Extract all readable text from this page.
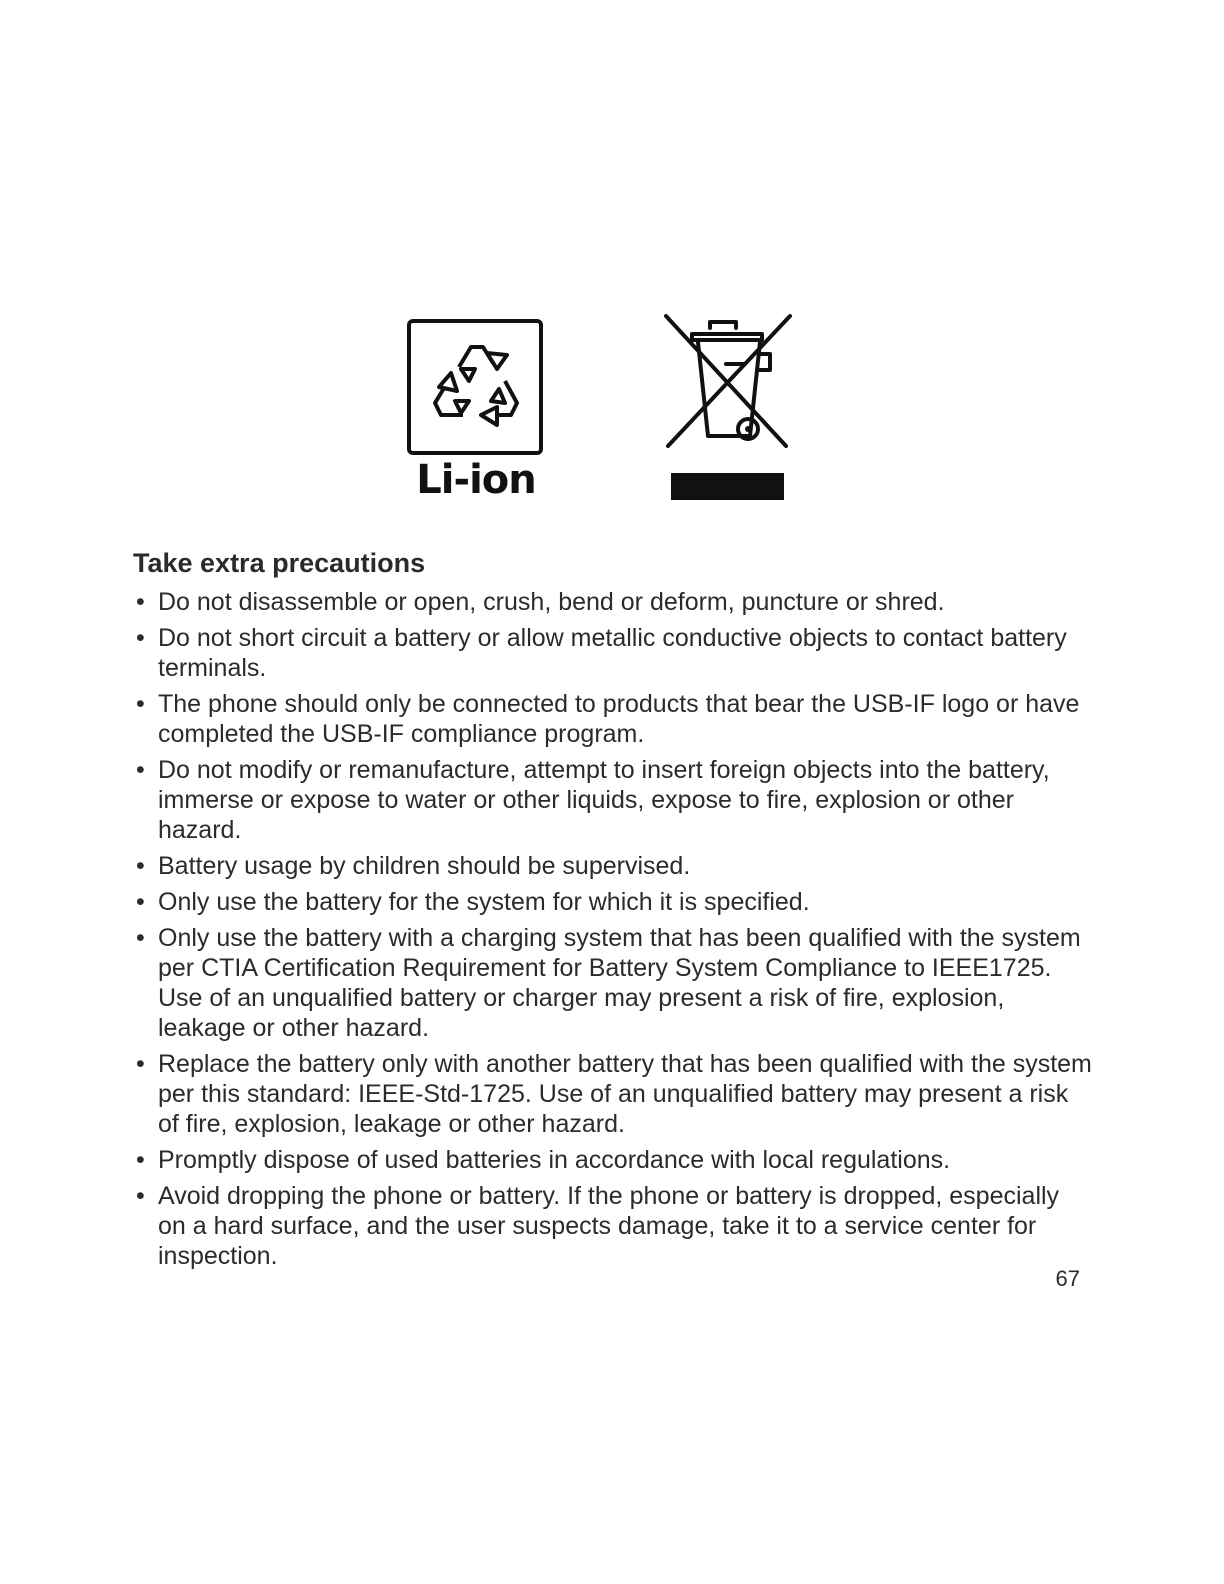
Li-ion
Take extra precautions
• Do not disassemble or open, crush, bend or deform, puncture or shred.
• Do not short circuit a battery or allow metallic conductive objects to contact battery terminals.
• The phone should only be connected to products that bear the USB-IF logo or have completed the USB-IF compliance program.
• Do not modify or remanufacture, attempt to insert foreign objects into the battery, immerse or expose to water or other liquids, expose to fire, explosion or other hazard.
• Battery usage by children should be supervised.
• Only use the battery for the system for which it is specified.
• Only use the battery with a charging system that has been qualified with the system per CTIA Certification Requirement for Battery System Compliance to IEEE1725. Use of an unqualified battery or charger may present a risk of fire, explosion, leakage or other hazard.
• Replace the battery only with another battery that has been qualified with the system per this standard: IEEE-Std-1725. Use of an unqualified battery may present a risk of fire, explosion, leakage or other hazard.
• Promptly dispose of used batteries in accordance with local regulations.
• Avoid dropping the phone or battery. If the phone or battery is dropped, especially on a hard surface, and the user suspects damage, take it to a service center for inspection.
67
